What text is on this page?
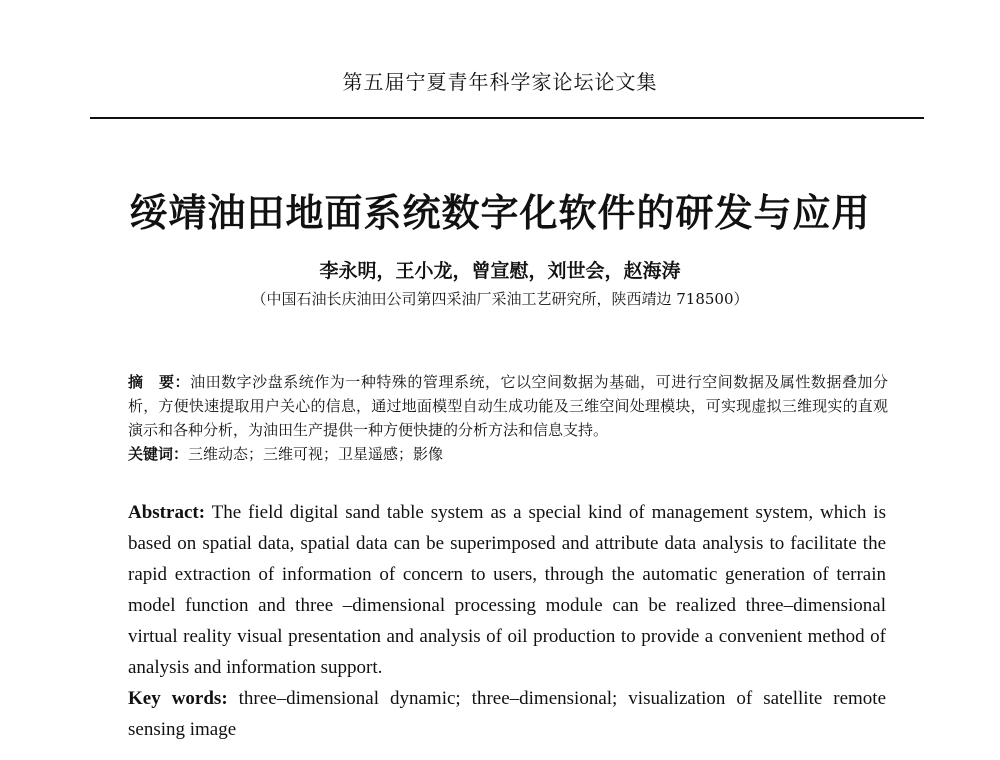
第五届宁夏青年科学家论坛论文集
绥靖油田地面系统数字化软件的研发与应用
李永明，王小龙，曾宣慰，刘世会，赵海涛
（中国石油长庆油田公司第四采油厂采油工艺研究所，陕西靖边 718500）
摘　要：油田数字沙盘系统作为一种特殊的管理系统，它以空间数据为基础，可进行空间数据及属性数据叠加分析，方便快速提取用户关心的信息，通过地面模型自动生成功能及三维空间处理模块，可实现虚拟三维现实的直观演示和各种分析，为油田生产提供一种方便快捷的分析方法和信息支持。
关键词：三维动态；三维可视；卫星遥感；影像
Abstract: The field digital sand table system as a special kind of management system, which is based on spatial data, spatial data can be superimposed and attribute data analysis to facilitate the rapid extraction of information of concern to users, through the automatic generation of terrain model function and three –dimensional processing module can be realized three–dimensional virtual reality visual presentation and analysis of oil production to provide a convenient method of analysis and information support.
Key words: three–dimensional dynamic; three–dimensional; visualization of satellite remote sensing image
